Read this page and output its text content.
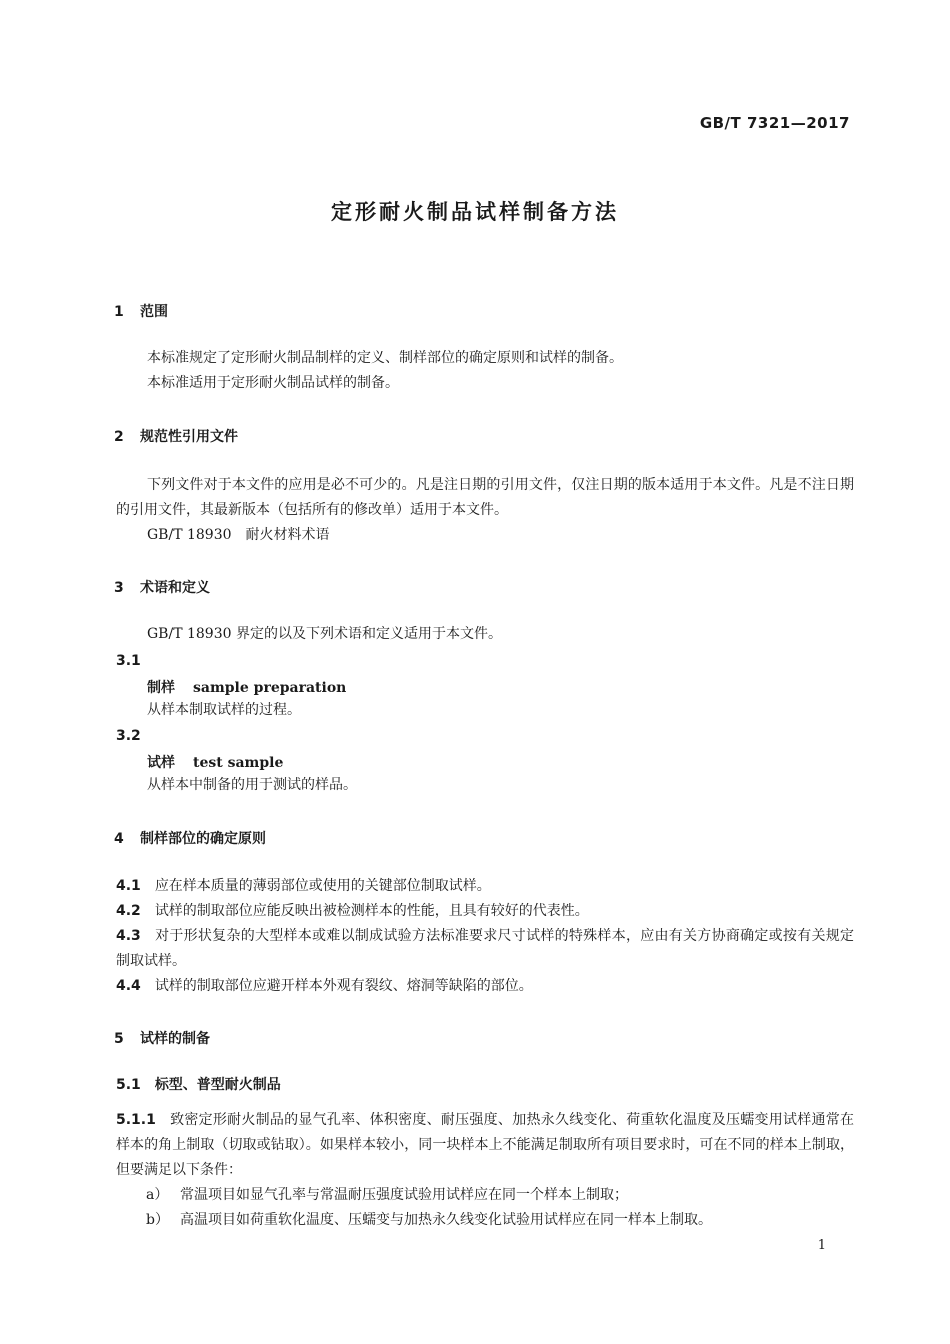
GB/T 7321—2017
定形耐火制品试样制备方法
1 范围
本标准规定了定形耐火制品制样的定义、制样部位的确定原则和试样的制备。
本标准适用于定形耐火制品试样的制备。
2 规范性引用文件

下列文件对于本文件的应用是必不可少的。凡是注日期的引用文件，仅注日期的版本适用于本文件。凡是不注日期的引用文件，其最新版本（包括所有的修改单）适用于本文件。

GB/T 18930　耐火材料术语
3 术语和定义
GB/T 18930 界定的以及下列术语和定义适用于本文件。
3.1
制样 sample preparation
从样本制取试样的过程。
3.2
试样 test sample
从样本中制备的用于测试的样品。
4 制样部位的确定原则

4.1 应在样本质量的薄弱部位或使用的关键部位制取试样。

4.2 试样的制取部位应能反映出被检测样本的性能，且具有较好的代表性。

4.3 对于形状复杂的大型样本或难以制成试验方法标准要求尺寸试样的特殊样本，应由有关方协商确定或按有关规定制取试样。

4.4 试样的制取部位应避开样本外观有裂纹、熔洞等缺陷的部位。

5 试样的制备
5.1 标型、普型耐火制品

5.1.1 致密定形耐火制品的显气孔率、体积密度、耐压强度、加热永久线变化、荷重软化温度及压蠕变用试样通常在样本的角上制取（切取或钻取）。如果样本较小，同一块样本上不能满足制取所有项目要求时，可在不同的样本上制取，但要满足以下条件：

a） 常温项目如显气孔率与常温耐压强度试验用试样应在同一个样本上制取；
b） 高温项目如荷重软化温度、压蠕变与加热永久线变化试验用试样应在同一样本上制取。
1
